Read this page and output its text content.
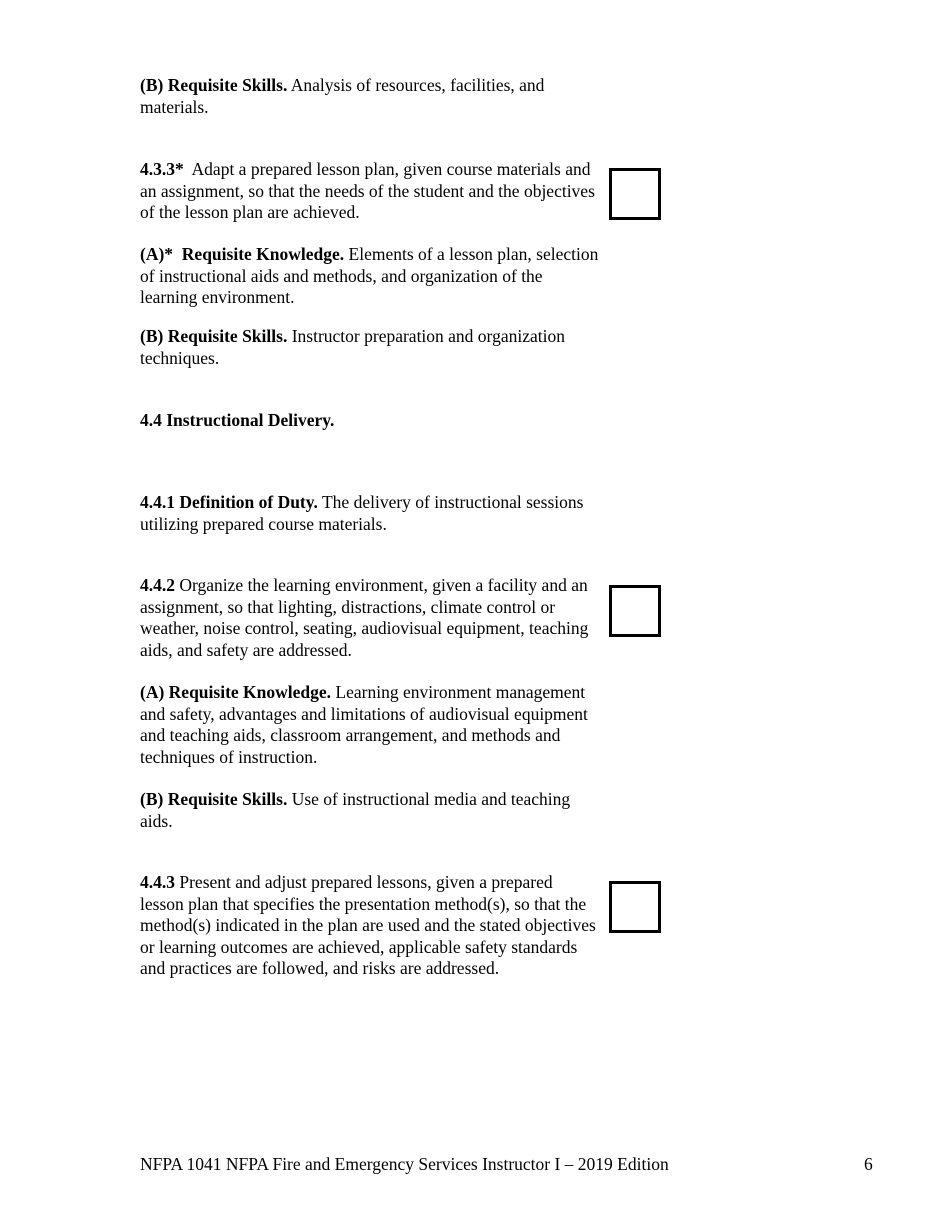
(B) Requisite Skills. Analysis of resources, facilities, and materials.

4.3.3*  Adapt a prepared lesson plan, given course materials and an assignment, so that the needs of the student and the objectives of the lesson plan are achieved.

(A)*  Requisite Knowledge. Elements of a lesson plan, selection of instructional aids and methods, and organization of the learning environment.

(B) Requisite Skills. Instructor preparation and organization techniques.

4.4 Instructional Delivery.

4.4.1 Definition of Duty. The delivery of instructional sessions utilizing prepared course materials.

4.4.2 Organize the learning environment, given a facility and an assignment, so that lighting, distractions, climate control or weather, noise control, seating, audiovisual equipment, teaching aids, and safety are addressed.

(A) Requisite Knowledge. Learning environment management and safety, advantages and limitations of audiovisual equipment and teaching aids, classroom arrangement, and methods and techniques of instruction.

(B) Requisite Skills. Use of instructional media and teaching aids.

4.4.3 Present and adjust prepared lessons, given a prepared lesson plan that specifies the presentation method(s), so that the method(s) indicated in the plan are used and the stated objectives or learning outcomes are achieved, applicable safety standards and practices are followed, and risks are addressed.

NFPA 1041 NFPA Fire and Emergency Services Instructor I – 2019 Edition	6
